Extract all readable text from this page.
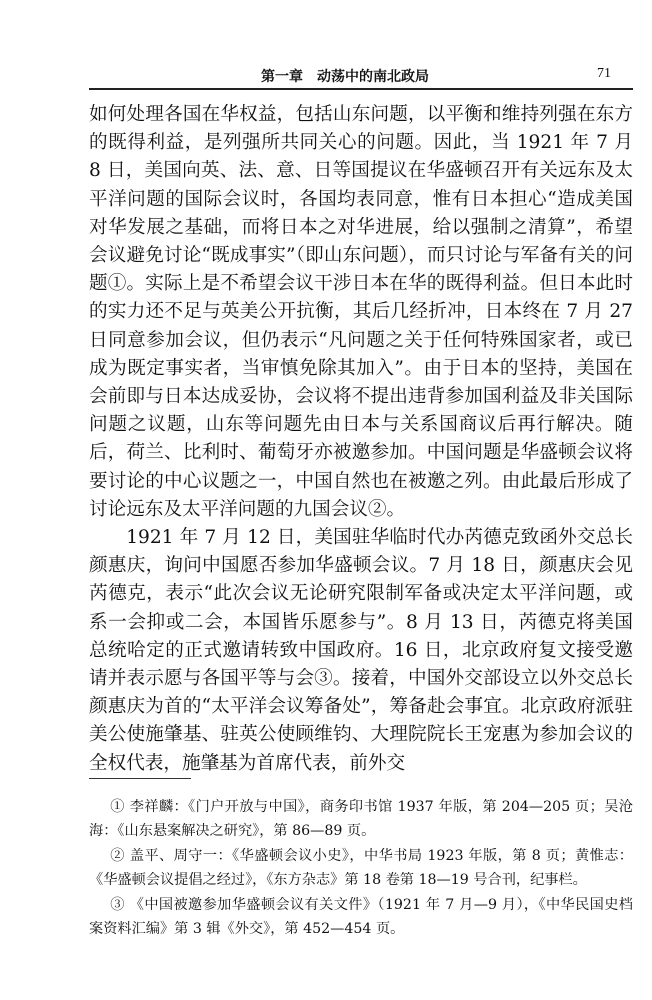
第一章　动荡中的南北政局	71

如何处理各国在华权益，包括山东问题，以平衡和维持列强在东方的既得利益，是列强所共同关心的问题。因此，当 1921 年 7 月 8 日，美国向英、法、意、日等国提议在华盛顿召开有关远东及太平洋问题的国际会议时，各国均表同意，惟有日本担心“造成美国对华发展之基础，而将日本之对华进展，给以强制之清算”，希望会议避免讨论“既成事实”（即山东问题），而只讨论与军备有关的问题①。实际上是不希望会议干涉日本在华的既得利益。但日本此时的实力还不足与英美公开抗衡，其后几经折冲，日本终在 7 月 27 日同意参加会议，但仍表示“凡问题之关于任何特殊国家者，或已成为既定事实者，当审慎免除其加入”。由于日本的坚持，美国在会前即与日本达成妥协，会议将不提出违背参加国利益及非关国际问题之议题，山东等问题先由日本与关系国商议后再行解决。随后，荷兰、比利时、葡萄牙亦被邀参加。中国问题是华盛顿会议将要讨论的中心议题之一，中国自然也在被邀之列。由此最后形成了讨论远东及太平洋问题的九国会议②。

1921 年 7 月 12 日，美国驻华临时代办芮德克致函外交总长颜惠庆，询问中国愿否参加华盛顿会议。7 月 18 日，颜惠庆会见芮德克，表示“此次会议无论研究限制军备或决定太平洋问题，或系一会抑或二会，本国皆乐愿参与”。8 月 13 日，芮德克将美国总统哈定的正式邀请转致中国政府。16 日，北京政府复文接受邀请并表示愿与各国平等与会③。接着，中国外交部设立以外交总长颜惠庆为首的“太平洋会议筹备处”，筹备赴会事宜。北京政府派驻美公使施肇基、驻英公使顾维钧、大理院院长王宠惠为参加会议的全权代表，施肇基为首席代表，前外交

① 李祥麟：《门户开放与中国》，商务印书馆 1937 年版，第 204—205 页；吴沧海：《山东悬案解决之研究》，第 86—89 页。

② 盖平、周守一：《华盛顿会议小史》，中华书局 1923 年版，第 8 页；黄惟志：《华盛顿会议提倡之经过》，《东方杂志》第 18 卷第 18—19 号合刊，纪事栏。

③ 《中国被邀参加华盛顿会议有关文件》（1921 年 7 月—9 月），《中华民国史档案资料汇编》第 3 辑《外交》，第 452—454 页。
